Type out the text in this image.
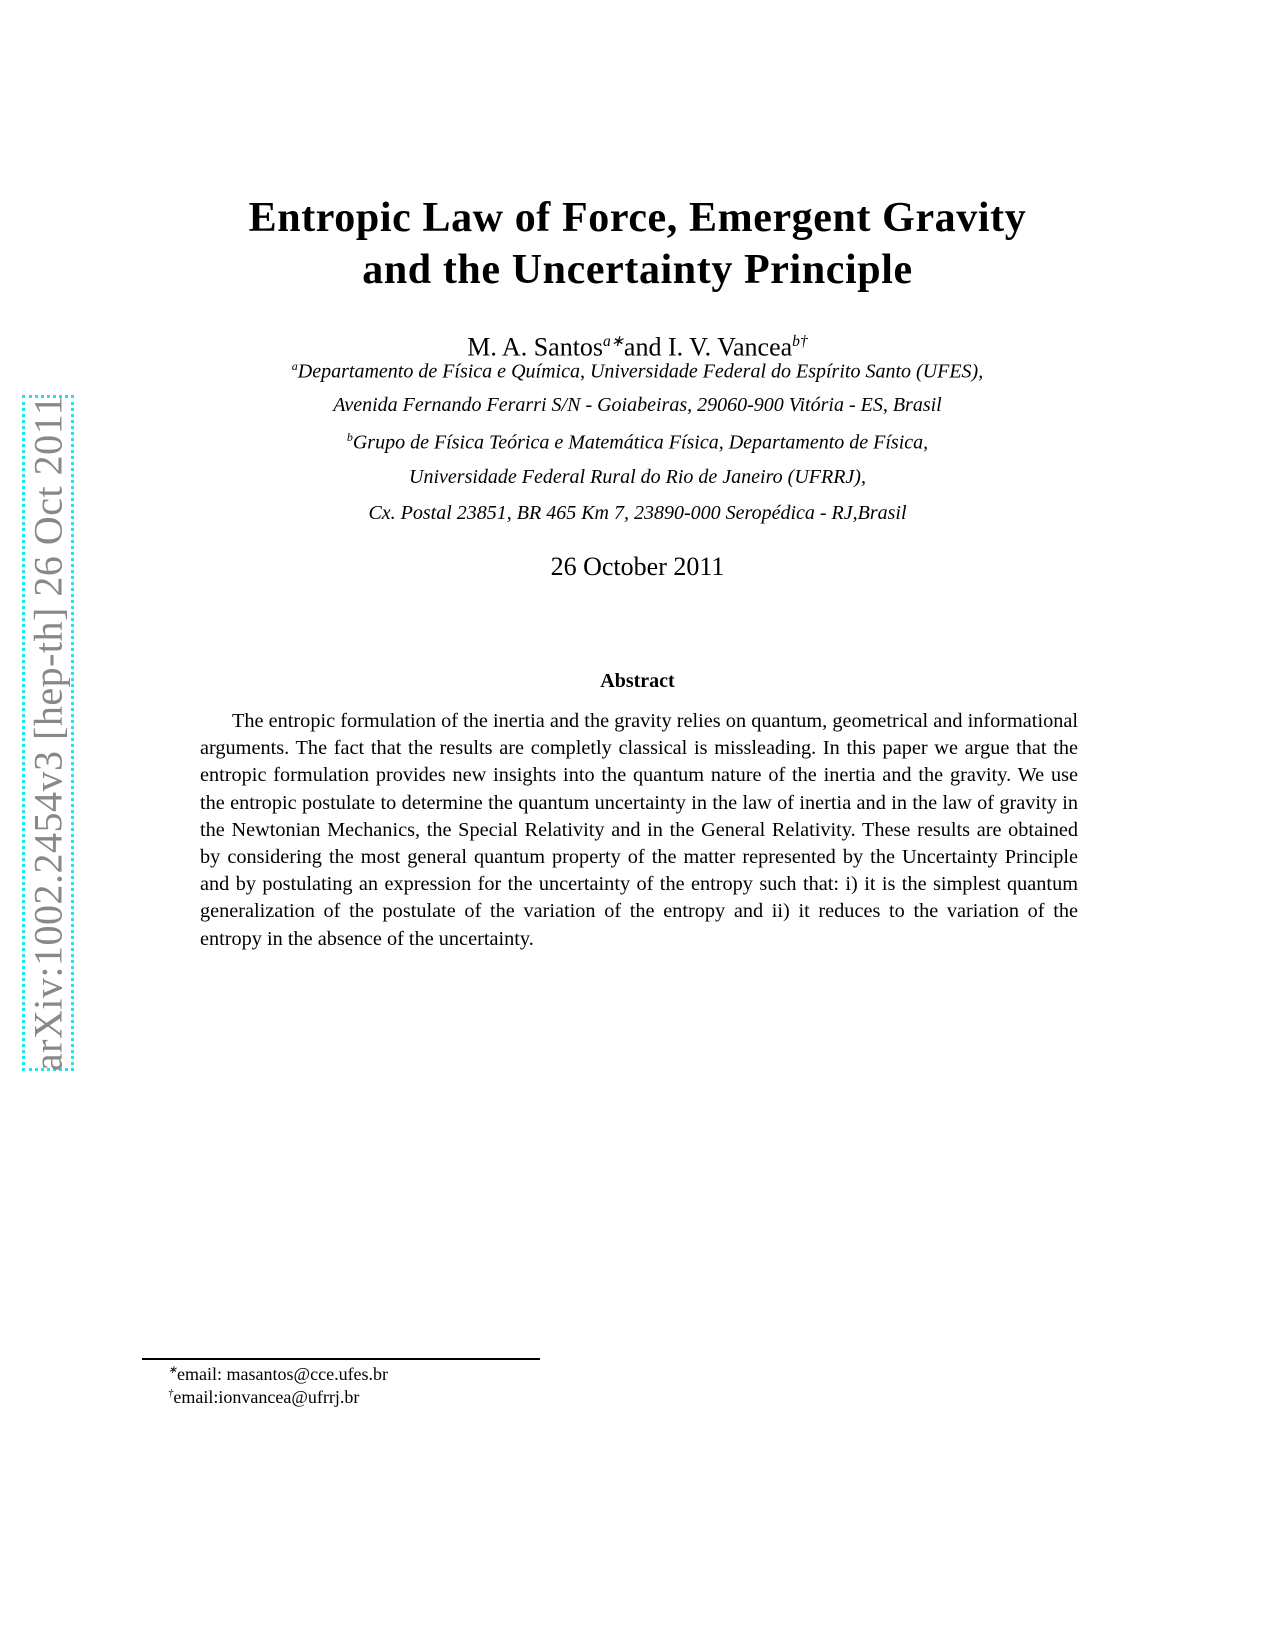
arXiv:1002.2454v3 [hep-th] 26 Oct 2011
Entropic Law of Force, Emergent Gravity
and the Uncertainty Principle
M. A. Santos$^{a∗}$and I. V. Vancea$^{b\dagger}$
$^a$Departamento de Física e Química, Universidade Federal do Espírito Santo (UFES),
Avenida Fernando Ferarri S/N - Goiabeiras, 29060-900 Vitória - ES, Brasil
$^b$Grupo de Física Teórica e Matemática Física, Departamento de Física,
Universidade Federal Rural do Rio de Janeiro (UFRRJ),
Cx. Postal 23851, BR 465 Km 7, 23890-000 Seropédica - RJ,Brasil
26 October 2011
Abstract

The entropic formulation of the inertia and the gravity relies on quantum, geometrical and informational arguments. The fact that the results are completly classical is missleading. In this paper we argue that the entropic formulation provides new insights into the quantum nature of the inertia and the gravity. We use the entropic postulate to determine the quantum uncertainty in the law of inertia and in the law of gravity in the Newtonian Mechanics, the Special Relativity and in the General Relativity. These results are obtained by considering the most general quantum property of the matter represented by the Uncertainty Principle and by postulating an expression for the uncertainty of the entropy such that: i) it is the simplest quantum generalization of the postulate of the variation of the entropy and ii) it reduces to the variation of the entropy in the absence of the uncertainty.

∗email: masantos@cce.ufes.br
†email:ionvancea@ufrrj.br
